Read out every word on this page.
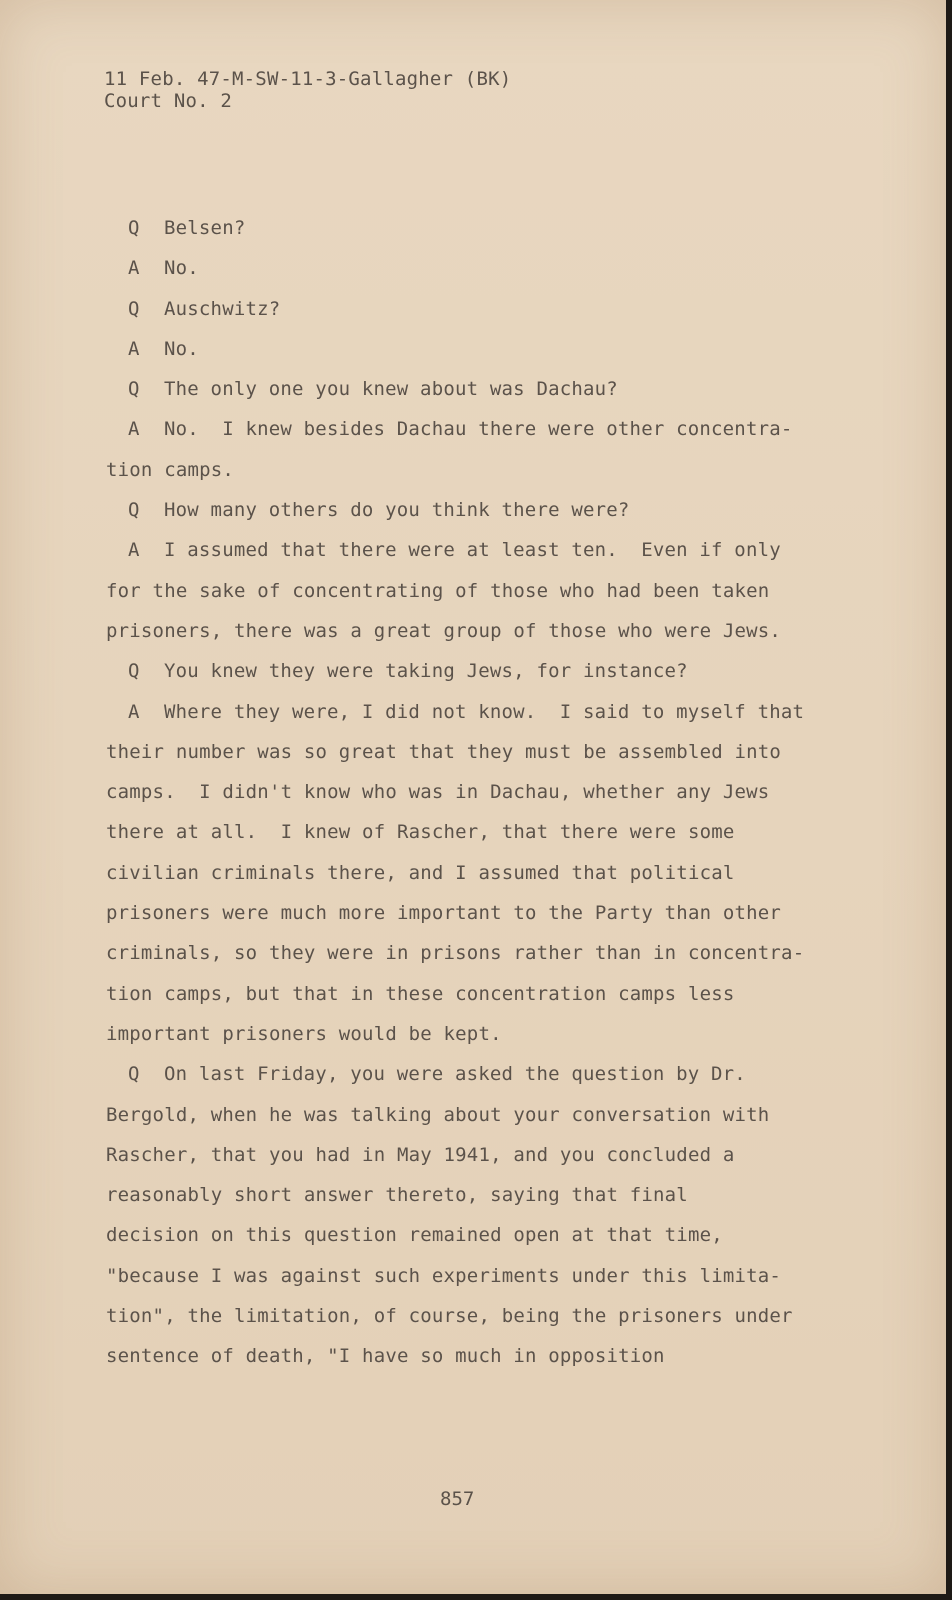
11 Feb. 47-M-SW-11-3-Gallagher (BK)
Court No. 2
Q Belsen?
A No.
Q Auschwitz?
A No.
Q The only one you knew about was Dachau?
A No.  I knew besides Dachau there were other concentra-
tion camps.
Q How many others do you think there were?
A I assumed that there were at least ten.  Even if only
for the sake of concentrating of those who had been taken
prisoners, there was a great group of those who were Jews.
Q You knew they were taking Jews, for instance?
A Where they were, I did not know.  I said to myself that
their number was so great that they must be assembled into
camps.  I didn't know who was in Dachau, whether any Jews
there at all.  I knew of Rascher, that there were some
civilian criminals there, and I assumed that political
prisoners were much more important to the Party than other
criminals, so they were in prisons rather than in concentra-
tion camps, but that in these concentration camps less
important prisoners would be kept.
Q On last Friday, you were asked the question by Dr.
Bergold, when he was talking about your conversation with
Rascher, that you had in May 1941, and you concluded a
reasonably short answer thereto, saying that final
decision on this question remained open at that time,
"because I was against such experiments under this limita-
tion", the limitation, of course, being the prisoners under
sentence of death, "I have so much in opposition
857
